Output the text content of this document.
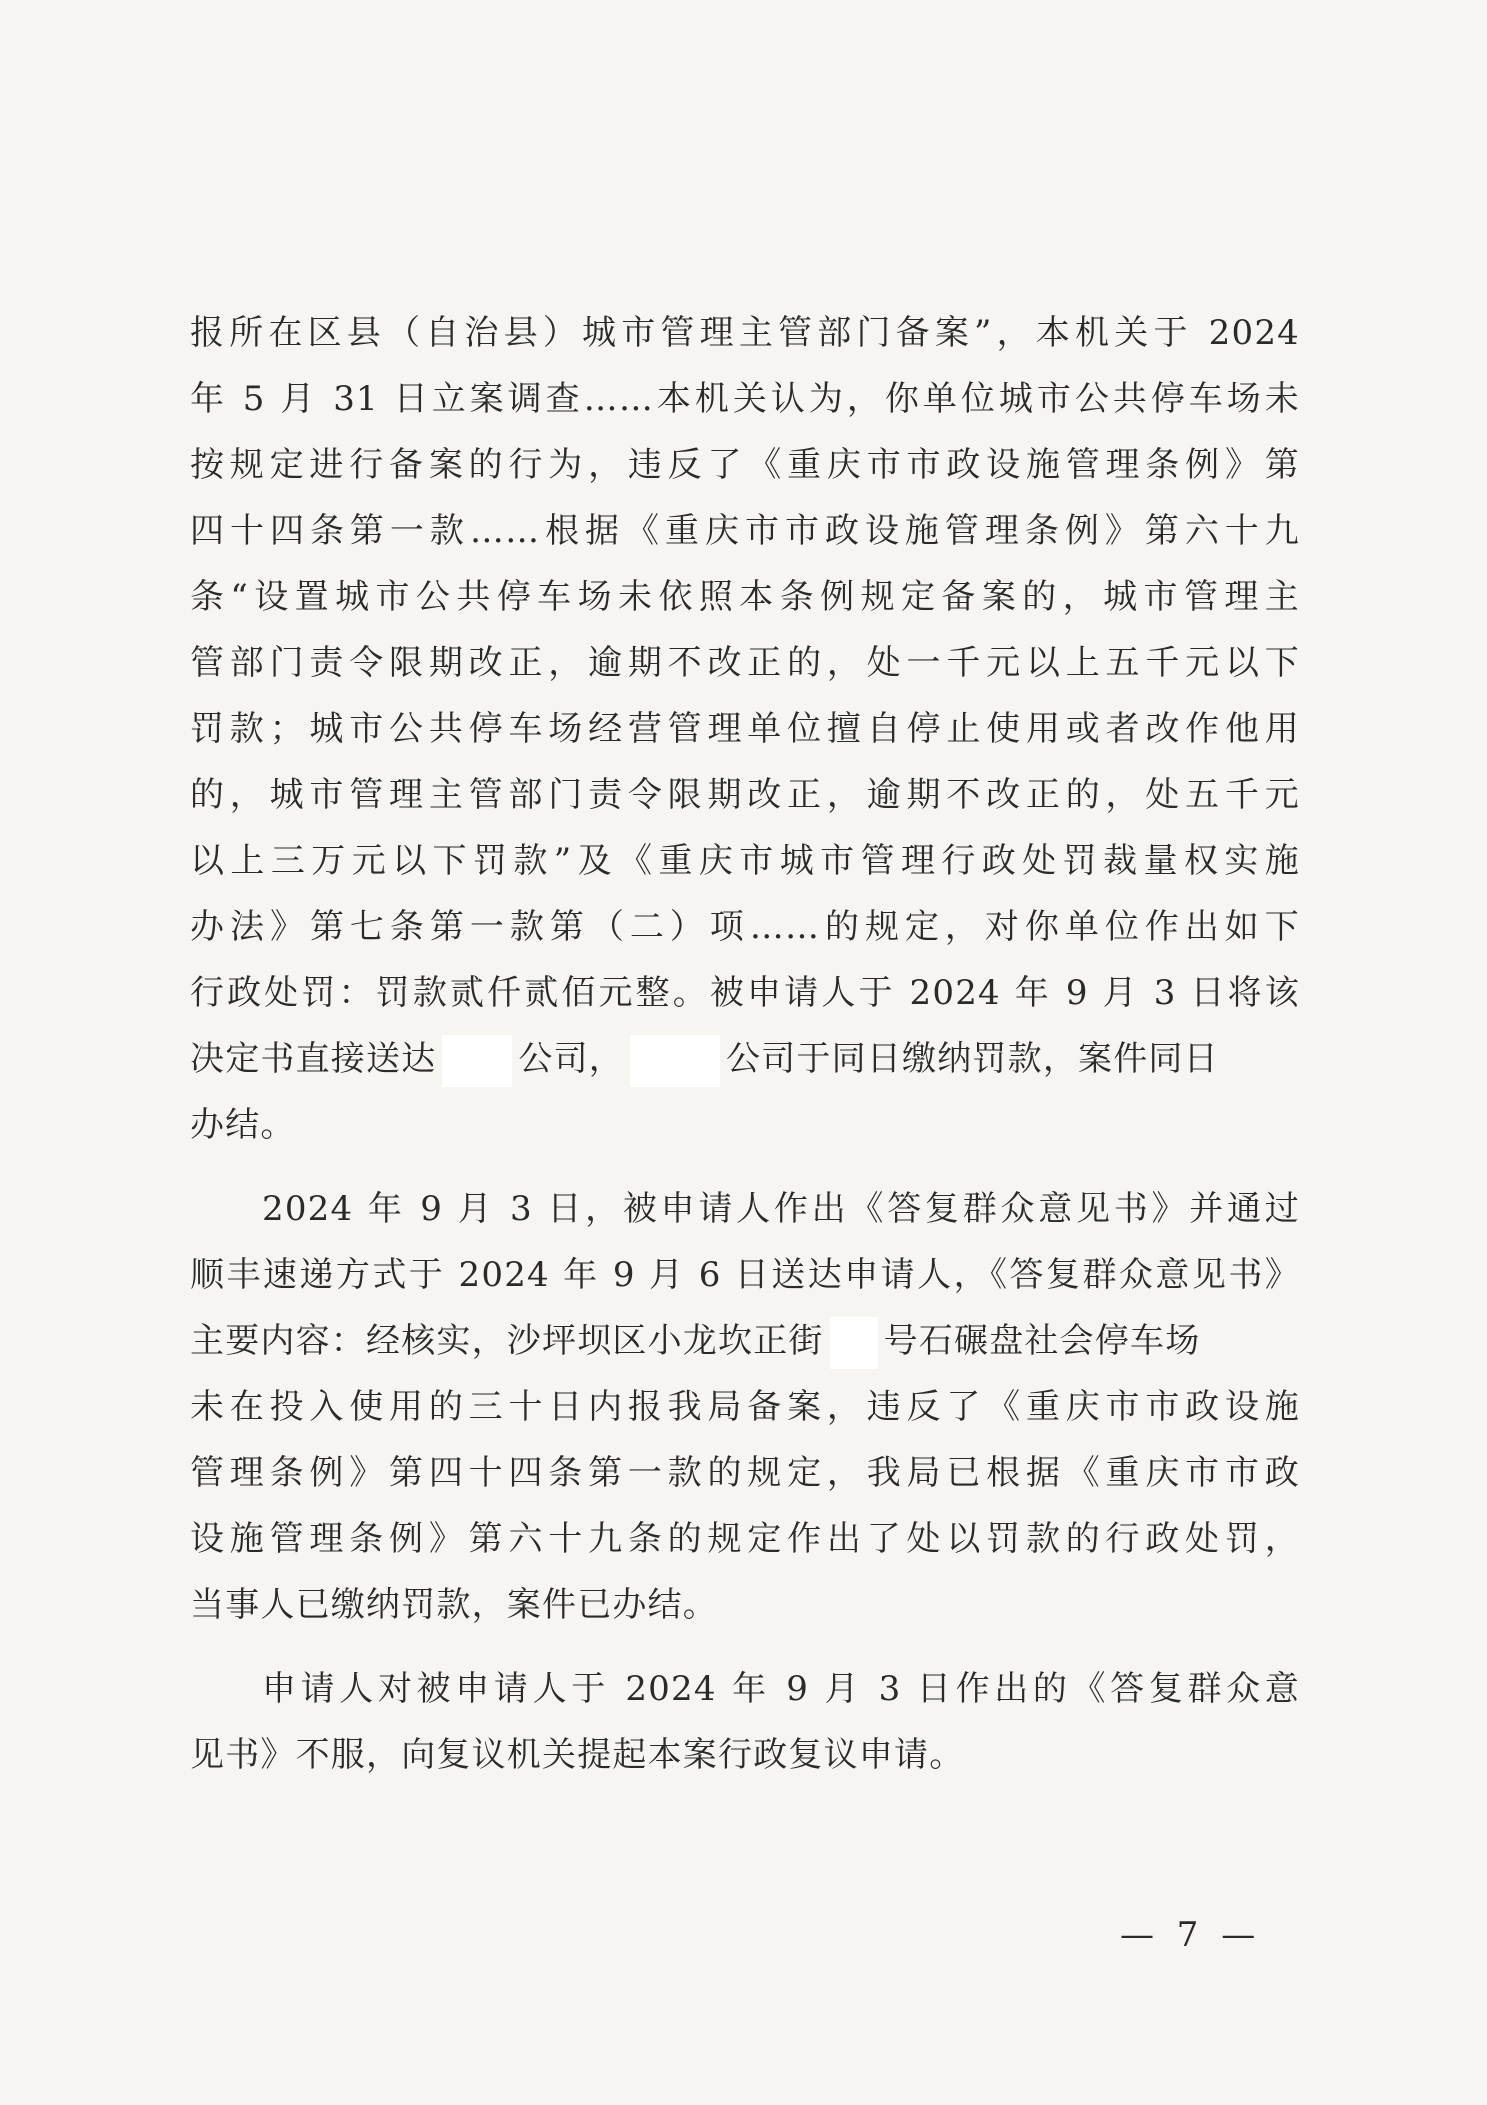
报所在区县（自治县）城市管理主管部门备案”，本机关于 2024
年 5 月 31 日立案调查……本机关认为，你单位城市公共停车场未
按规定进行备案的行为，违反了《重庆市市政设施管理条例》第
四十四条第一款……根据《重庆市市政设施管理条例》第六十九
条“设置城市公共停车场未依照本条例规定备案的，城市管理主
管部门责令限期改正，逾期不改正的，处一千元以上五千元以下
罚款；城市公共停车场经营管理单位擅自停止使用或者改作他用
的，城市管理主管部门责令限期改正，逾期不改正的，处五千元
以上三万元以下罚款”及《重庆市城市管理行政处罚裁量权实施
办法》第七条第一款第（二）项……的规定，对你单位作出如下
行政处罚：罚款贰仟贰佰元整。被申请人于 2024 年 9 月 3 日将该
决定书直接送达 公司，	公司于同日缴纳罚款，案件同日
办结。
2024 年 9 月 3 日，被申请人作出《答复群众意见书》并通过
顺丰速递方式于 2024 年 9 月 6 日送达申请人，《答复群众意见书》
主要内容：经核实，沙坪坝区小龙坎正街 号石碾盘社会停车场
未在投入使用的三十日内报我局备案，违反了《重庆市市政设施
管理条例》第四十四条第一款的规定，我局已根据《重庆市市政
设施管理条例》第六十九条的规定作出了处以罚款的行政处罚，
当事人已缴纳罚款，案件已办结。
申请人对被申请人于 2024 年 9 月 3 日作出的《答复群众意
见书》不服，向复议机关提起本案行政复议申请。
— 7 —
